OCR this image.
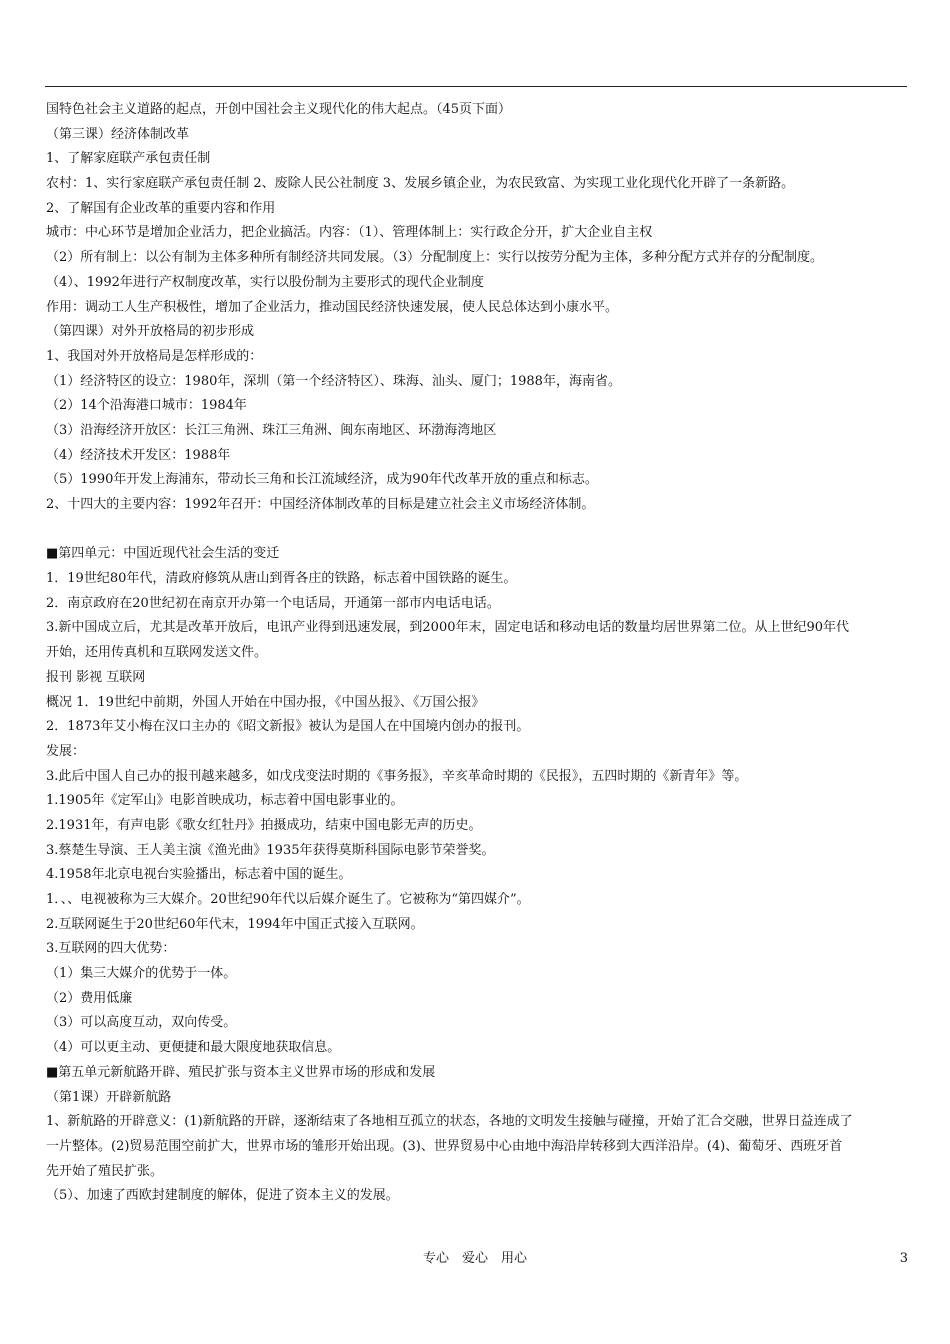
国特色社会主义道路的起点，开创中国社会主义现代化的伟大起点。（45页下面）
（第三课）经济体制改革
1、了解家庭联产承包责任制
农村：1、实行家庭联产承包责任制 2、废除人民公社制度 3、发展乡镇企业，为农民致富、为实现工业化现代化开辟了一条新路。
2、了解国有企业改革的重要内容和作用
城市：中心环节是增加企业活力，把企业搞活。内容：（1）、管理体制上：实行政企分开，扩大企业自主权
（2）所有制上：以公有制为主体多种所有制经济共同发展。（3）分配制度上：实行以按劳分配为主体，多种分配方式并存的分配制度。
（4）、1992年进行产权制度改革，实行以股份制为主要形式的现代企业制度
作用：调动工人生产积极性，增加了企业活力，推动国民经济快速发展，使人民总体达到小康水平。
（第四课）对外开放格局的初步形成
1、我国对外开放格局是怎样形成的：
（1）经济特区的设立：1980年，深圳（第一个经济特区）、珠海、汕头、厦门；1988年，海南省。
（2）14个沿海港口城市：1984年
（3）沿海经济开放区：长江三角洲、珠江三角洲、闽东南地区、环渤海湾地区
（4）经济技术开发区：1988年
（5）1990年开发上海浦东，带动长三角和长江流域经济，成为90年代改革开放的重点和标志。
2、十四大的主要内容：1992年召开：中国经济体制改革的目标是建立社会主义市场经济体制。
■第四单元：中国近现代社会生活的变迁
1．19世纪80年代，清政府修筑从唐山到胥各庄的铁路，标志着中国铁路的诞生。
2．南京政府在20世纪初在南京开办第一个电话局，开通第一部市内电话电话。
3.新中国成立后，尤其是改革开放后，电讯产业得到迅速发展，到2000年末，固定电话和移动电话的数量均居世界第二位。从上世纪90年代
开始，还用传真机和互联网发送文件。
报刊 影视 互联网
概况 1．19世纪中前期，外国人开始在中国办报，《中国丛报》、《万国公报》
2．1873年艾小梅在汉口主办的《昭文新报》被认为是国人在中国境内创办的报刊。
发展：
3.此后中国人自己办的报刊越来越多，如戊戌变法时期的《事务报》，辛亥革命时期的《民报》，五四时期的《新青年》等。
1.1905年《定军山》电影首映成功，标志着中国电影事业的。
2.1931年，有声电影《歌女红牡丹》拍摄成功，结束中国电影无声的历史。
3.蔡楚生导演、王人美主演《渔光曲》1935年获得莫斯科国际电影节荣誉奖。
4.1958年北京电视台实验播出，标志着中国的诞生。
1．、、电视被称为三大媒介。20世纪90年代以后媒介诞生了。它被称为“第四媒介”。
2.互联网诞生于20世纪60年代末，1994年中国正式接入互联网。
3.互联网的四大优势：
（1）集三大媒介的优势于一体。
（2）费用低廉
（3）可以高度互动，双向传受。
（4）可以更主动、更便捷和最大限度地获取信息。
■第五单元新航路开辟、殖民扩张与资本主义世界市场的形成和发展
（第1课）开辟新航路
1、新航路的开辟意义：(1)新航路的开辟，逐渐结束了各地相互孤立的状态，各地的文明发生接触与碰撞，开始了汇合交融，世界日益连成了
一片整体。(2)贸易范围空前扩大，世界市场的雏形开始出现。(3)、世界贸易中心由地中海沿岸转移到大西洋沿岸。(4)、葡萄牙、西班牙首
先开始了殖民扩张。
（5）、加速了西欧封建制度的解体，促进了资本主义的发展。
专心　爱心　用心	3
